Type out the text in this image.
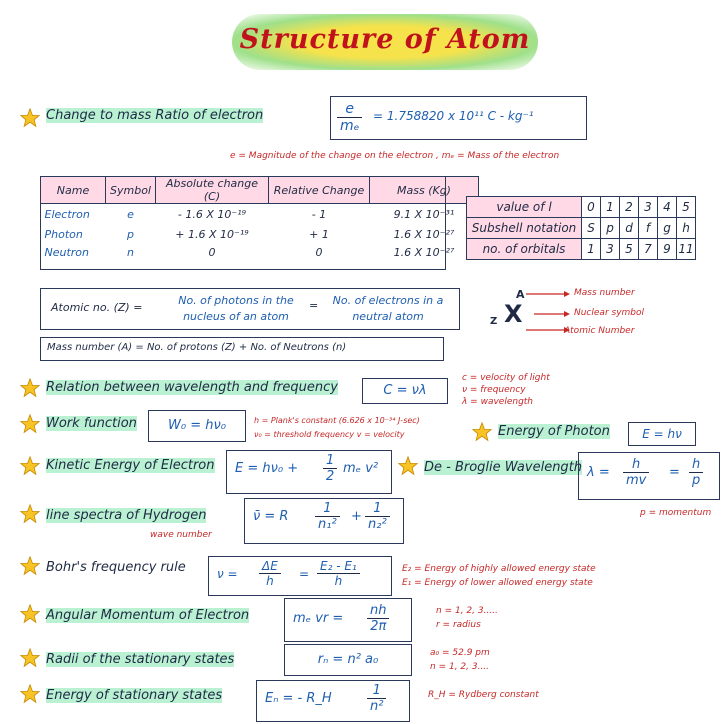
Structure of Atom
Change to mass Ratio of electron	$\frac{e}{\text{mₑ}} = 1.758820$ x 10¹¹ C - kg⁻¹
e = Magnitude of the change on the electron , mₑ = Mass of the electron
Name	Symbol	Absolute change (C)	Relative Change	Mass (Kg)
Electron	e	- 1.6 X 10⁻¹⁹	- 1	9.1 X 10⁻³¹
Photon	p	+ 1.6 X 10⁻¹⁹	+ 1	1.6 X 10⁻²⁷
Neutron	n	0	0	1.6 X 10⁻²⁷
value of l	0	1	2	3	4	5
Subshell notation	S	p	d	f	g	h
no. of orbitals	1	3	5	7	9	11
Atomic no. (Z) =
No. of photons in the nucleus of an atom
=	No. of electrons in a neutral atom
A
X
Z
Mass number
Nuclear symbol
Atomic Number
Mass number (A) = No. of protons (Z) + No. of Neutrons (n)
Relation between wavelength and frequency	C = νλ
c = velocity of light
ν = frequency
λ = wavelength
Work function	W₀ = hν₀	h = Plank's constant (6.626 x 10⁻³⁴ J-sec)
ν₀ = threshold frequency v = velocity	Energy of Photon	E = hν
Kinetic Energy of Electron $E = h\nu_0 + \frac{1}{2}$ mₑ v²	De - Broglie Wavelength $\lambda = \frac{h}{mv} = \frac{h}{p}$
p = momentum
line spectra of Hydrogen	ν̄ = R $\frac{1}{\text{n₁²}} + \frac{1}{\text{n₂²}}$
wave number
Bohr's frequency rule	$\nu = \frac{\Delta E}{h} = \frac{\text{E₂ - E₁}}{h}$	E₂ = Energy of highly allowed energy state
E₁ = Energy of lower allowed energy state
Angular Momentum of Electron	mₑ vr = $\frac{nh}{2\pi}$	n = 1, 2, 3.....
r = radius
Radii of the stationary states	rₙ = n² a₀	a₀ = 52.9 pm
n = 1, 2, 3....
Energy of stationary states	Eₙ = - R_H	$\frac{1}{\text{n²}}$	R_H = Rydberg constant
